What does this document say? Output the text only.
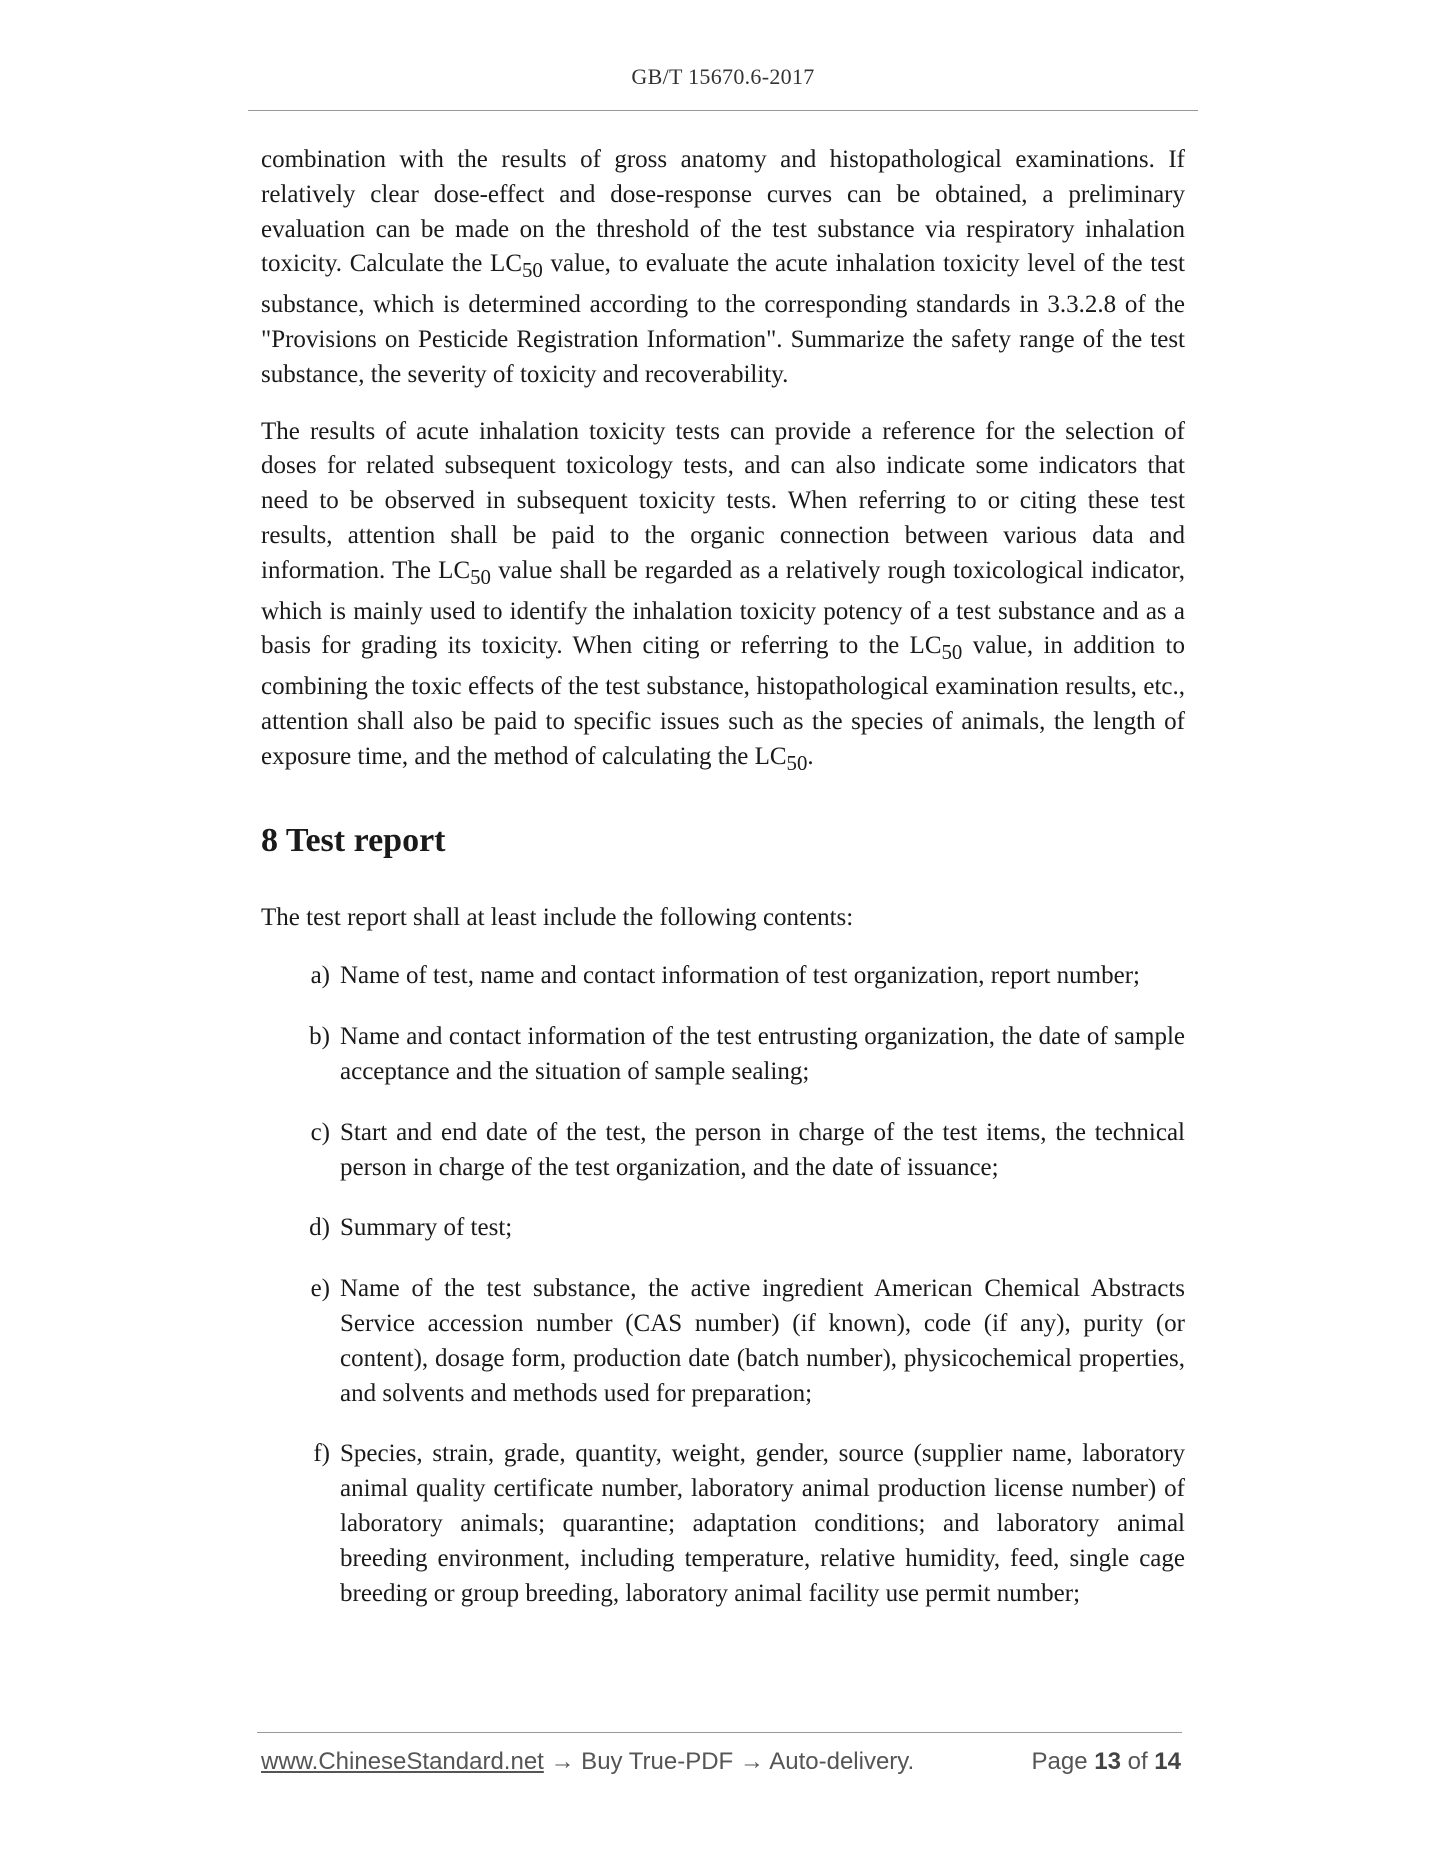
GB/T 15670.6-2017

combination with the results of gross anatomy and histopathological examinations. If relatively clear dose-effect and dose-response curves can be obtained, a preliminary evaluation can be made on the threshold of the test substance via respiratory inhalation toxicity. Calculate the $LC_{50}$ value, to evaluate the acute inhalation toxicity level of the test substance, which is determined according to the corresponding standards in 3.3.2.8 of the "Provisions on Pesticide Registration Information". Summarize the safety range of the test substance, the severity of toxicity and recoverability.

The results of acute inhalation toxicity tests can provide a reference for the selection of doses for related subsequent toxicology tests, and can also indicate some indicators that need to be observed in subsequent toxicity tests. When referring to or citing these test results, attention shall be paid to the organic connection between various data and information. The $LC_{50}$ value shall be regarded as a relatively rough toxicological indicator, which is mainly used to identify the inhalation toxicity potency of a test substance and as a basis for grading its toxicity. When citing or referring to the $LC_{50}$ value, in addition to combining the toxic effects of the test substance, histopathological examination results, etc., attention shall also be paid to specific issues such as the species of animals, the length of exposure time, and the method of calculating the $LC_{50}$.

8 Test report

The test report shall at least include the following contents:

a) Name of test, name and contact information of test organization, report number;
b) Name and contact information of the test entrusting organization, the date of sample acceptance and the situation of sample sealing;
c) Start and end date of the test, the person in charge of the test items, the technical person in charge of the test organization, and the date of issuance;
d) Summary of test;
e) Name of the test substance, the active ingredient American Chemical Abstracts Service accession number (CAS number) (if known), code (if any), purity (or content), dosage form, production date (batch number), physicochemical properties, and solvents and methods used for preparation;
f) Species, strain, grade, quantity, weight, gender, source (supplier name, laboratory animal quality certificate number, laboratory animal production license number) of laboratory animals; quarantine; adaptation conditions; and laboratory animal breeding environment, including temperature, relative humidity, feed, single cage breeding or group breeding, laboratory animal facility use permit number;
www.ChineseStandard.net → Buy True-PDF → Auto-delivery.	Page 13 of 14
